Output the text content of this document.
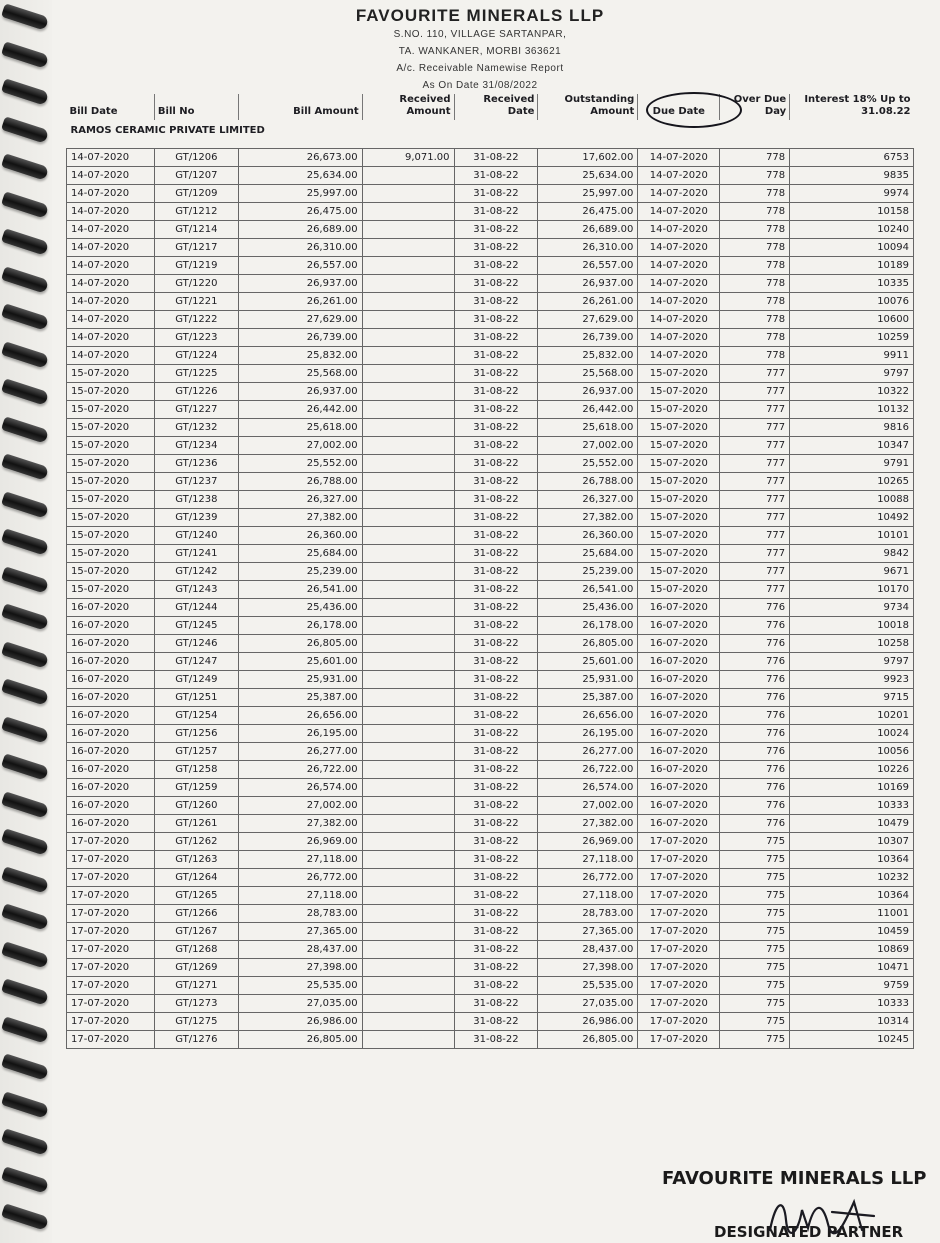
FAVOURITE MINERALS LLP
S.NO. 110, VILLAGE SARTANPAR,
TA. WANKANER, MORBI 363621
A/c. Receivable Namewise Report
As On Date 31/08/2022
Bill Date	Bill No	Bill Amount	Received Amount	Received Date	Outstanding Amount	Due Date	Over Due Day	Interest 18% Up to 31.08.22
RAMOS CERAMIC PRIVATE LIMITED								
14-07-2020	GT/1206	26,673.00	9,071.00	31-08-22	17,602.00	14-07-2020	778	6753
14-07-2020	GT/1207	25,634.00		31-08-22	25,634.00	14-07-2020	778	9835
14-07-2020	GT/1209	25,997.00		31-08-22	25,997.00	14-07-2020	778	9974
14-07-2020	GT/1212	26,475.00		31-08-22	26,475.00	14-07-2020	778	10158
14-07-2020	GT/1214	26,689.00		31-08-22	26,689.00	14-07-2020	778	10240
14-07-2020	GT/1217	26,310.00		31-08-22	26,310.00	14-07-2020	778	10094
14-07-2020	GT/1219	26,557.00		31-08-22	26,557.00	14-07-2020	778	10189
14-07-2020	GT/1220	26,937.00		31-08-22	26,937.00	14-07-2020	778	10335
14-07-2020	GT/1221	26,261.00		31-08-22	26,261.00	14-07-2020	778	10076
14-07-2020	GT/1222	27,629.00		31-08-22	27,629.00	14-07-2020	778	10600
14-07-2020	GT/1223	26,739.00		31-08-22	26,739.00	14-07-2020	778	10259
14-07-2020	GT/1224	25,832.00		31-08-22	25,832.00	14-07-2020	778	9911
15-07-2020	GT/1225	25,568.00		31-08-22	25,568.00	15-07-2020	777	9797
15-07-2020	GT/1226	26,937.00		31-08-22	26,937.00	15-07-2020	777	10322
15-07-2020	GT/1227	26,442.00		31-08-22	26,442.00	15-07-2020	777	10132
15-07-2020	GT/1232	25,618.00		31-08-22	25,618.00	15-07-2020	777	9816
15-07-2020	GT/1234	27,002.00		31-08-22	27,002.00	15-07-2020	777	10347
15-07-2020	GT/1236	25,552.00		31-08-22	25,552.00	15-07-2020	777	9791
15-07-2020	GT/1237	26,788.00		31-08-22	26,788.00	15-07-2020	777	10265
15-07-2020	GT/1238	26,327.00		31-08-22	26,327.00	15-07-2020	777	10088
15-07-2020	GT/1239	27,382.00		31-08-22	27,382.00	15-07-2020	777	10492
15-07-2020	GT/1240	26,360.00		31-08-22	26,360.00	15-07-2020	777	10101
15-07-2020	GT/1241	25,684.00		31-08-22	25,684.00	15-07-2020	777	9842
15-07-2020	GT/1242	25,239.00		31-08-22	25,239.00	15-07-2020	777	9671
15-07-2020	GT/1243	26,541.00		31-08-22	26,541.00	15-07-2020	777	10170
16-07-2020	GT/1244	25,436.00		31-08-22	25,436.00	16-07-2020	776	9734
16-07-2020	GT/1245	26,178.00		31-08-22	26,178.00	16-07-2020	776	10018
16-07-2020	GT/1246	26,805.00		31-08-22	26,805.00	16-07-2020	776	10258
16-07-2020	GT/1247	25,601.00		31-08-22	25,601.00	16-07-2020	776	9797
16-07-2020	GT/1249	25,931.00		31-08-22	25,931.00	16-07-2020	776	9923
16-07-2020	GT/1251	25,387.00		31-08-22	25,387.00	16-07-2020	776	9715
16-07-2020	GT/1254	26,656.00		31-08-22	26,656.00	16-07-2020	776	10201
16-07-2020	GT/1256	26,195.00		31-08-22	26,195.00	16-07-2020	776	10024
16-07-2020	GT/1257	26,277.00		31-08-22	26,277.00	16-07-2020	776	10056
16-07-2020	GT/1258	26,722.00		31-08-22	26,722.00	16-07-2020	776	10226
16-07-2020	GT/1259	26,574.00		31-08-22	26,574.00	16-07-2020	776	10169
16-07-2020	GT/1260	27,002.00		31-08-22	27,002.00	16-07-2020	776	10333
16-07-2020	GT/1261	27,382.00		31-08-22	27,382.00	16-07-2020	776	10479
17-07-2020	GT/1262	26,969.00		31-08-22	26,969.00	17-07-2020	775	10307
17-07-2020	GT/1263	27,118.00		31-08-22	27,118.00	17-07-2020	775	10364
17-07-2020	GT/1264	26,772.00		31-08-22	26,772.00	17-07-2020	775	10232
17-07-2020	GT/1265	27,118.00		31-08-22	27,118.00	17-07-2020	775	10364
17-07-2020	GT/1266	28,783.00		31-08-22	28,783.00	17-07-2020	775	11001
17-07-2020	GT/1267	27,365.00		31-08-22	27,365.00	17-07-2020	775	10459
17-07-2020	GT/1268	28,437.00		31-08-22	28,437.00	17-07-2020	775	10869
17-07-2020	GT/1269	27,398.00		31-08-22	27,398.00	17-07-2020	775	10471
17-07-2020	GT/1271	25,535.00		31-08-22	25,535.00	17-07-2020	775	9759
17-07-2020	GT/1273	27,035.00		31-08-22	27,035.00	17-07-2020	775	10333
17-07-2020	GT/1275	26,986.00		31-08-22	26,986.00	17-07-2020	775	10314
17-07-2020	GT/1276	26,805.00		31-08-22	26,805.00	17-07-2020	775	10245
FAVOURITE MINERALS LLP
DESIGNATED PARTNER
